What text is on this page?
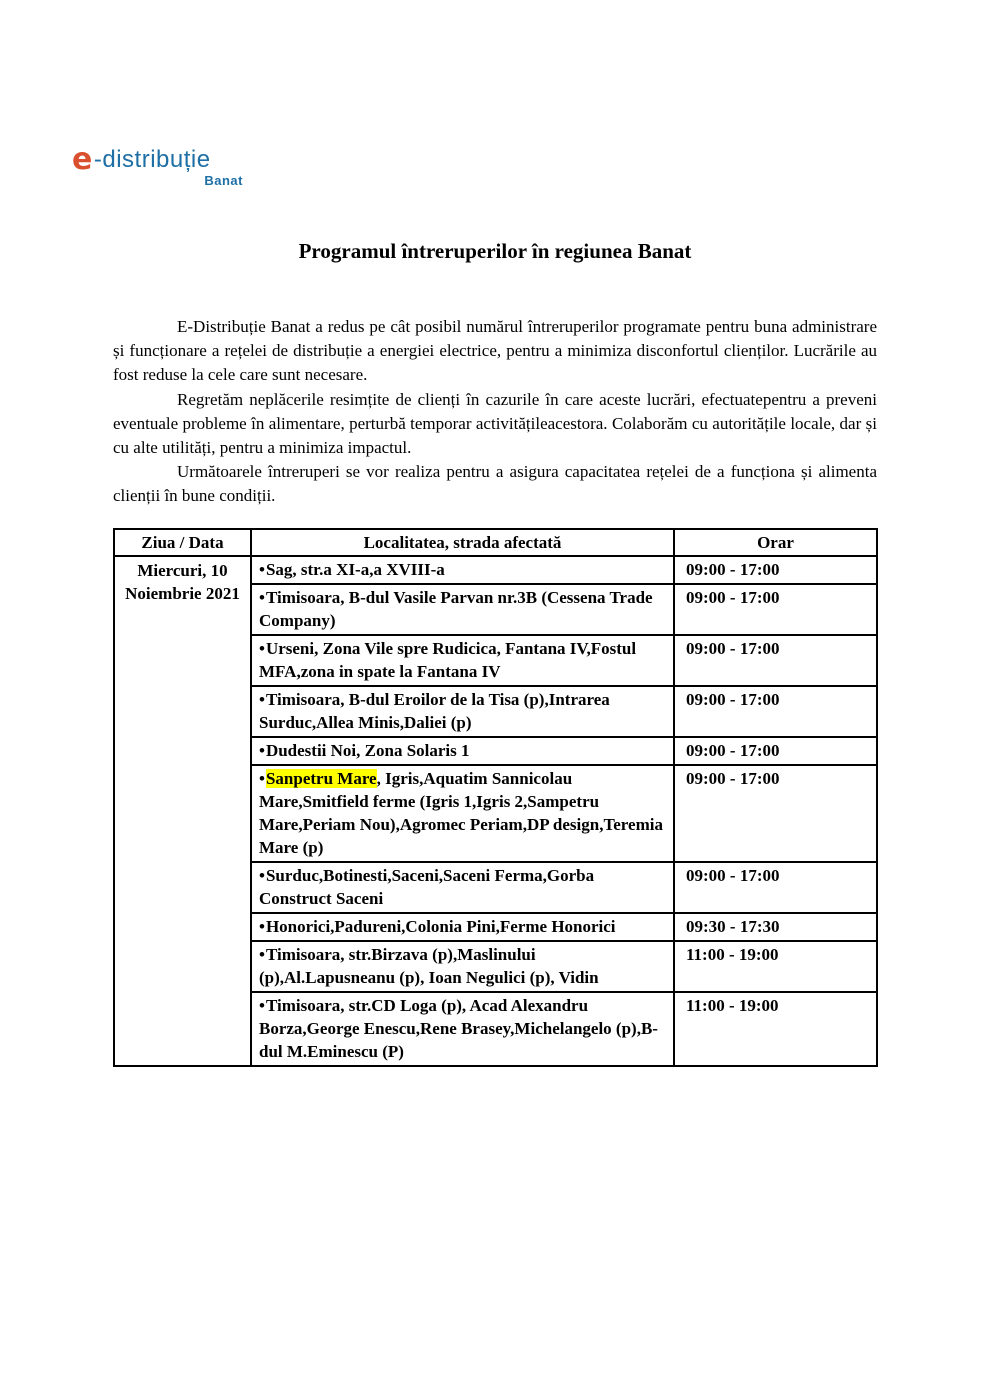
e -distribuție
Banat
Programul întreruperilor în regiunea Banat

E-Distribuție Banat a redus pe cât posibil numărul întreruperilor programate pentru buna administrare și funcționare a rețelei de distribuție a energiei electrice, pentru a minimiza disconfortul clienților. Lucrările au fost reduse la cele care sunt necesare.

Regretăm neplăcerile resimțite de clienți în cazurile în care aceste lucrări, efectuatepentru a preveni eventuale probleme în alimentare, perturbă temporar activitățileacestora. Colaborăm cu autoritățile locale, dar și cu alte utilități, pentru a minimiza impactul.

Următoarele întreruperi se vor realiza pentru a asigura capacitatea rețelei de a funcționa și alimenta clienții în bune condiții.

Ziua / Data	Localitatea, strada afectată	Orar
Miercuri, 10 Noiembrie 2021	•Sag, str.a XI-a,a XVIII-a	09:00 - 17:00
	•Timisoara, B-dul Vasile Parvan nr.3B (Cessena Trade Company)	09:00 - 17:00
	•Urseni, Zona Vile spre Rudicica, Fantana IV,Fostul MFA,zona in spate la Fantana IV	09:00 - 17:00
	•Timisoara, B-dul Eroilor de la Tisa (p),Intrarea Surduc,Allea Minis,Daliei (p)	09:00 - 17:00
	•Dudestii Noi, Zona Solaris 1	09:00 - 17:00
	•Sanpetru Mare, Igris,Aquatim Sannicolau Mare,Smitfield ferme (Igris 1,Igris 2,Sampetru Mare,Periam Nou),Agromec Periam,DP design,Teremia Mare (p)	09:00 - 17:00
	•Surduc,Botinesti,Saceni,Saceni Ferma,Gorba Construct Saceni	09:00 - 17:00
	•Honorici,Padureni,Colonia Pini,Ferme Honorici	09:30 - 17:30
	•Timisoara, str.Birzava (p),Maslinului (p),Al.Lapusneanu (p), Ioan Negulici (p), Vidin	11:00 - 19:00
	•Timisoara, str.CD Loga (p), Acad Alexandru Borza,George Enescu,Rene Brasey,Michelangelo (p),B-dul M.Eminescu (P)	11:00 - 19:00
